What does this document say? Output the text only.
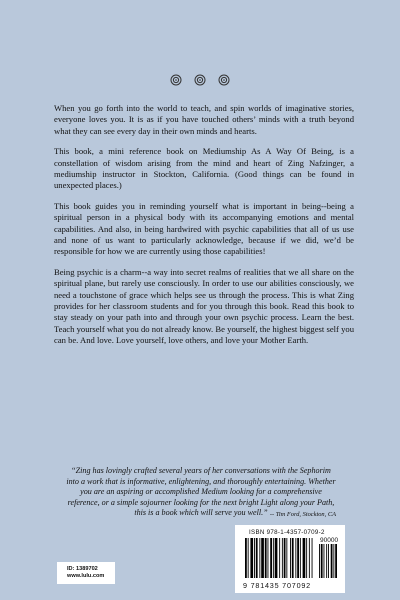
When you go forth into the world to teach, and spin worlds of imaginative stories, everyone loves you. It is as if you have touched others’ minds with a truth beyond what they can see every day in their own minds and hearts.

This book, a mini reference book on Mediumship As A Way Of Being, is a constellation of wisdom arising from the mind and heart of Zing Nafzinger, a mediumship instructor in Stockton, California. (Good things can be found in unexpected places.)

This book guides you in reminding yourself what is important in being--being a spiritual person in a physical body with its accompanying emotions and mental capabilities. And also, in being hardwired with psychic capabilities that all of us use and none of us want to particularly acknowledge, because if we did, we’d be responsible for how we are currently using those capabilities!

Being psychic is a charm--a way into secret realms of realities that we all share on the spiritual plane, but rarely use consciously. In order to use our abilities consciously, we need a touchstone of grace which helps see us through the process. This is what Zing provides for her classroom students and for you through this book. Read this book to stay steady on your path into and through your own psychic process. Learn the best. Teach yourself what you do not already know. Be yourself, the highest biggest self you can be. And love. Love yourself, love others, and love your Mother Earth.

“Zing has lovingly crafted several years of her conversations with the Sephorim into a work that is informative, enlightening, and thoroughly entertaining. Whether you are an aspiring or accomplished Medium looking for a comprehensive reference, or a simple sojourner looking for the next bright Light along your Path, this is a book which will serve you well.” -- Tim Ford, Stockton, CA
ID: 1389702
www.lulu.com
ISBN 978-1-4357-0709-2
90000
9 781435 707092
